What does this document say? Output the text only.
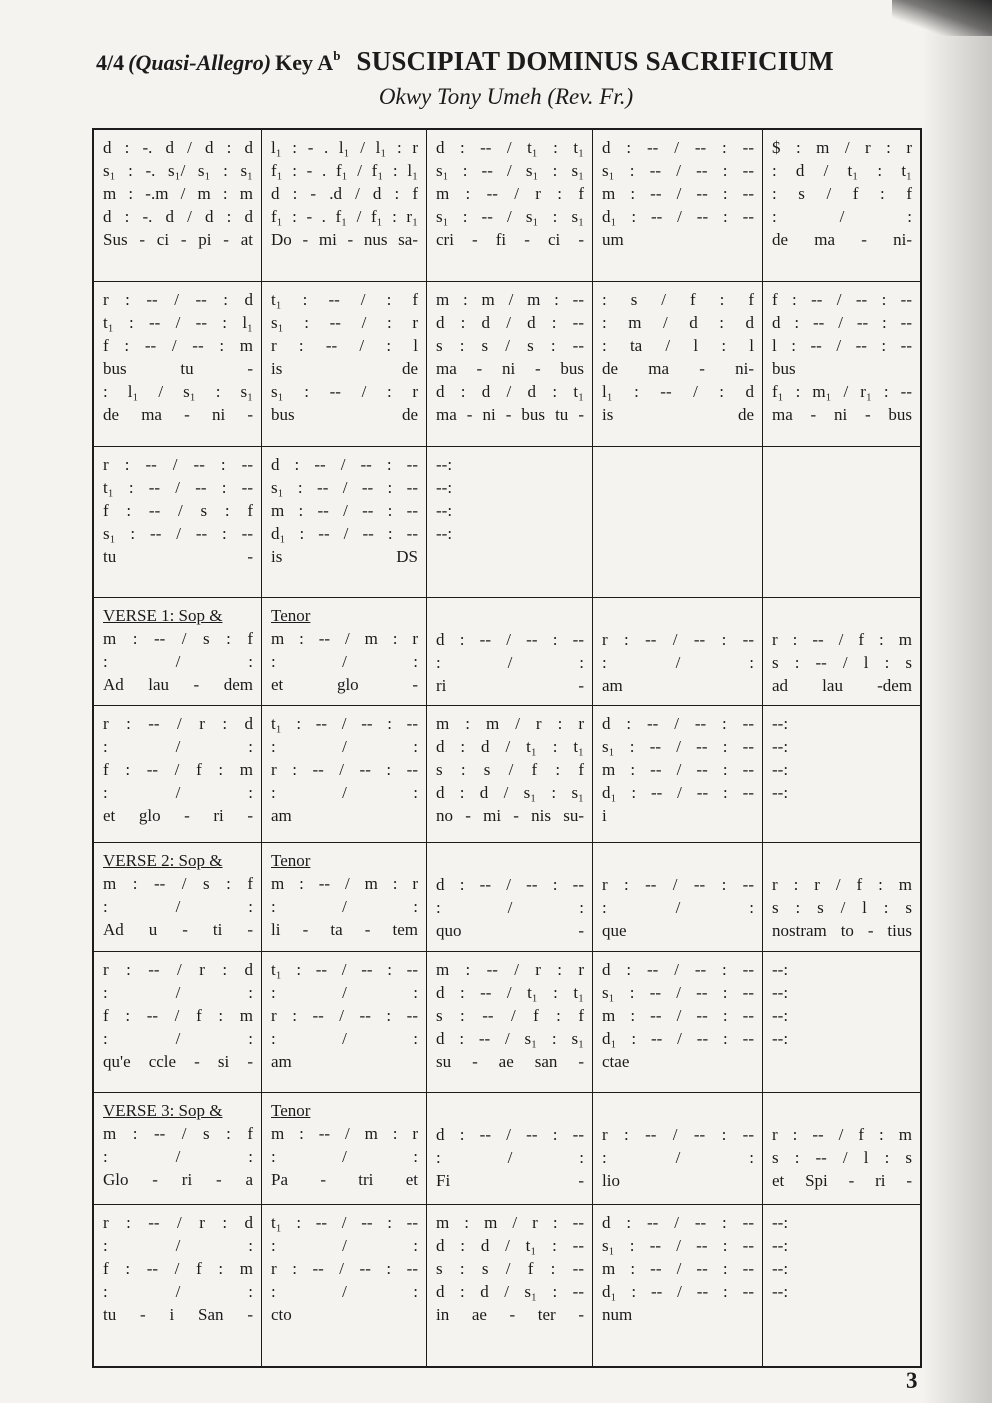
4/4 (Quasi-Allegro) Key $A^b$ SUSCIPIAT DOMINUS SACRIFICIUM
Okwy Tony Umeh (Rev. Fr.)
d : -. d / d : d
s₁ : -. s₁/ s₁ : s₁
m : -.m / m : m
d : -. d / d : d
Sus - ci - pi - at
l₁ : - . l₁ / l₁ : r
f₁ : - . f₁ / f₁ : l₁
d : - .d / d : f
f₁ : - . f₁ / f₁ : r₁
Do - mi - nus sa-
d : -- / t₁ : t₁
s₁ : -- / s₁ : s₁
m : -- / r : f
s₁ : -- / s₁ : s₁
cri - fi - ci -
d : -- / -- : --
s₁ : -- / -- : --
m : -- / -- : --
d₁ : -- / -- : --
um
$ : m / r : r
: d / t₁ : t₁
: s / f : f
: / :
de ma - ni-
r : -- / -- : d
t₁ : -- / -- : l₁
f : -- / -- : m
bus tu -
: l₁ / s₁ : s₁
de ma - ni -
t₁ : -- / : f
s₁ : -- / : r
r : -- / : l
is de
s₁ : -- / : r
bus de
m : m / m : --
d : d / d : --
s : s / s : --
ma - ni - bus
d : d / d : t₁
ma - ni - bus tu -
: s / f : f
: m / d : d
: ta / l : l
de ma - ni-
l₁ : -- / : d
is de
f : -- / -- : --
d : -- / -- : --
l : -- / -- : --
bus
f₁ : m₁ / r₁ : --
ma - ni - bus
r : -- / -- : --
t₁ : -- / -- : --
f : -- / s : f
s₁ : -- / -- : --
tu -
d : -- / -- : --
s₁ : -- / -- : --
m : -- / -- : --
d₁ : -- / -- : --
is DS
--:
--:
--:
--:
VERSE 1: Sop &
m : -- / s : f
: / :
Ad lau - dem
Tenor
m : -- / m : r
: / :
et glo -
d : -- / -- : --
: / :
ri -
r : -- / -- : --
: / :
am
r : -- / f : m
s : -- / l : s
ad lau -dem
r : -- / r : d
: / :
f : -- / f : m
: / :
et glo - ri -
t₁ : -- / -- : --
: / :
r : -- / -- : --
: / :
am
m : m / r : r
d : d / t₁ : t₁
s : s / f : f
d : d / s₁ : s₁
no - mi - nis su-
d : -- / -- : --
s₁ : -- / -- : --
m : -- / -- : --
d₁ : -- / -- : --
i
--:
--:
--:
--:
VERSE 2: Sop &
m : -- / s : f
: / :
Ad u - ti -
Tenor
m : -- / m : r
: / :
li - ta - tem
d : -- / -- : --
: / :
quo -
r : -- / -- : --
: / :
que
r : r / f : m
s : s / l : s
nostram to - tius
r : -- / r : d
: / :
f : -- / f : m
: / :
qu'e ccle - si -
t₁ : -- / -- : --
: / :
r : -- / -- : --
: / :
am
m : -- / r : r
d : -- / t₁ : t₁
s : -- / f : f
d : -- / s₁ : s₁
su - ae san -
d : -- / -- : --
s₁ : -- / -- : --
m : -- / -- : --
d₁ : -- / -- : --
ctae
--:
--:
--:
--:
VERSE 3: Sop &
m : -- / s : f
: / :
Glo - ri - a
Tenor
m : -- / m : r
: / :
Pa - tri et
d : -- / -- : --
: / :
Fi -
r : -- / -- : --
: / :
lio
r : -- / f : m
s : -- / l : s
et Spi - ri -
r : -- / r : d
: / :
f : -- / f : m
: / :
tu - i San -
t₁ : -- / -- : --
: / :
r : -- / -- : --
: / :
cto
m : m / r : --
d : d / t₁ : --
s : s / f : --
d : d / s₁ : --
in ae - ter -
d : -- / -- : --
s₁ : -- / -- : --
m : -- / -- : --
d₁ : -- / -- : --
num
--:
--:
--:
--:
3
